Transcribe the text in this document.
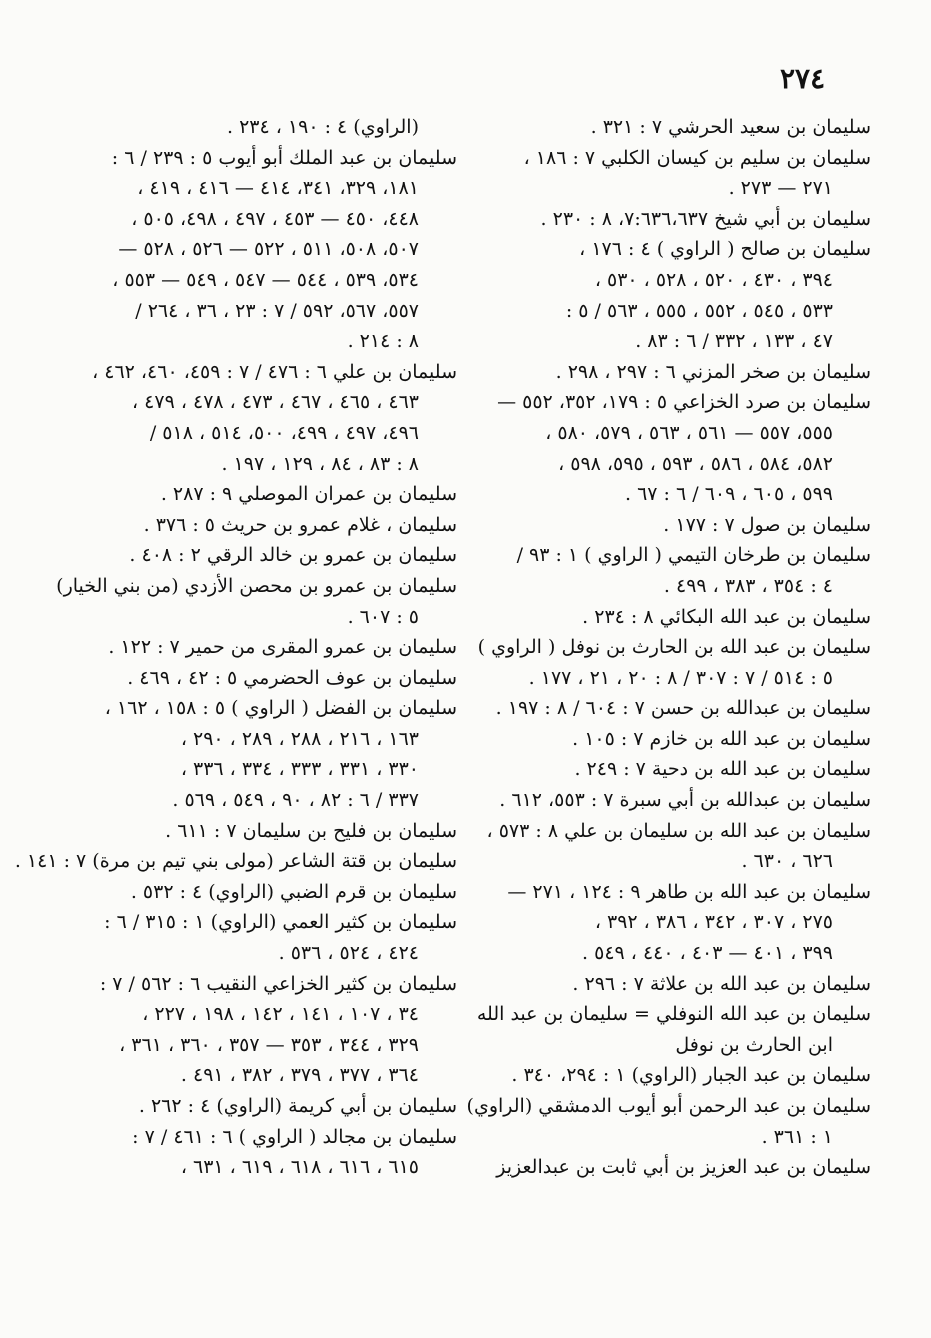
٢٧٤
سليمان بن سعيد الحرشي ٧ : ٣٢١ .
سليمان بن سليم بن كيسان الكلبي ٧ : ١٨٦ ،
٢٧١ — ٢٧٣ .
سليمان بن أبي شيخ ٧:٦٣٦،٦٣٧، ٨ : ٢٣٠ .
سليمان بن صالح ( الراوي ) ٤ : ١٧٦ ،
٣٩٤ ، ٤٣٠ ، ٥٢٠ ، ٥٢٨ ، ٥٣٠ ،
٥٣٣ ، ٥٤٥ ، ٥٥٢ ، ٥٥٥ ، ٥٦٣ / ٥ :
٤٧ ، ١٣٣ ، ٣٣٢ / ٦ : ٨٣ .
سليمان بن صخر المزني ٦ : ٢٩٧ ، ٢٩٨ .
سليمان بن صرد الخزاعي ٥ : ١٧٩، ٣٥٢، ٥٥٢ —
٥٥٥، ٥٥٧ — ٥٦١ ، ٥٦٣ ، ٥٧٩، ٥٨٠ ،
٥٨٢، ٥٨٤ ، ٥٨٦ ، ٥٩٣ ، ٥٩٥، ٥٩٨ ،
٥٩٩ ، ٦٠٥ ، ٦٠٩ / ٦ : ٦٧ .
سليمان بن صول ٧ : ١٧٧ .
سليمان بن طرخان التيمي ( الراوي ) ١ : ٩٣ /
٤ : ٣٥٤ ، ٣٨٣ ، ٤٩٩ .
سليمان بن عبد الله البكائي ٨ : ٢٣٤ .
سليمان بن عبد الله بن الحارث بن نوفل ( الراوي )
٥ : ٥١٤ / ٧ : ٣٠٧ / ٨ : ٢٠ ، ٢١ ، ١٧٧ .
سليمان بن عبدالله بن حسن ٧ : ٦٠٤ / ٨ : ١٩٧ .
سليمان بن عبد الله بن خازم ٧ : ١٠٥ .
سليمان بن عبد الله بن دحية ٧ : ٢٤٩ .
سليمان بن عبدالله بن أبي سبرة ٧ : ٥٥٣، ٦١٢ .
سليمان بن عبد الله بن سليمان بن علي ٨ : ٥٧٣ ،
٦٢٦ ، ٦٣٠ .
سليمان بن عبد الله بن طاهر ٩ : ١٢٤ ، ٢٧١ —
٢٧٥ ، ٣٠٧ ، ٣٤٢ ، ٣٨٦ ، ٣٩٢ ،
٣٩٩ ، ٤٠١ — ٤٠٣ ، ٤٤٠ ، ٥٤٩ .
سليمان بن عبد الله بن علاثة ٧ : ٢٩٦ .
سليمان بن عبد الله النوفلي = سليمان بن عبد الله
ابن الحارث بن نوفل
سليمان بن عبد الجبار (الراوي) ١ : ٢٩٤، ٣٤٠ .
سليمان بن عبد الرحمن أبو أيوب الدمشقي (الراوي)
١ : ٣٦١ .
سليمان بن عبد العزيز بن أبي ثابت بن عبدالعزيز
(الراوي) ٤ : ١٩٠ ، ٢٣٤ .
سليمان بن عبد الملك أبو أيوب ٥ : ٢٣٩ / ٦ :
١٨١، ٣٢٩، ٣٤١، ٤١٤ — ٤١٦ ، ٤١٩ ،
٤٤٨، ٤٥٠ — ٤٥٣ ، ٤٩٧ ، ٤٩٨، ٥٠٥ ،
٥٠٧، ٥٠٨، ٥١١ ، ٥٢٢ — ٥٢٦ ، ٥٢٨ —
٥٣٤، ٥٣٩ ، ٥٤٤ — ٥٤٧ ، ٥٤٩ — ٥٥٣ ،
٥٥٧، ٥٦٧، ٥٩٢ / ٧ : ٢٣ ، ٣٦ ، ٢٦٤ /
٨ : ٢١٤ .
سليمان بن علي ٦ : ٤٧٦ / ٧ : ٤٥٩، ٤٦٠، ٤٦٢ ،
٤٦٣ ، ٤٦٥ ، ٤٦٧ ، ٤٧٣ ، ٤٧٨ ، ٤٧٩ ،
٤٩٦، ٤٩٧ ، ٤٩٩، ٥٠٠، ٥١٤ ، ٥١٨ /
٨ : ٨٣ ، ٨٤ ، ١٢٩ ، ١٩٧ .
سليمان بن عمران الموصلي ٩ : ٢٨٧ .
سليمان ، غلام عمرو بن حريث ٥ : ٣٧٦ .
سليمان بن عمرو بن خالد الرقي ٢ : ٤٠٨ .
سليمان بن عمرو بن محصن الأزدي (من بني الخيار)
٥ : ٦٠٧ .
سليمان بن عمرو المقرى من حمير ٧ : ١٢٢ .
سليمان بن عوف الحضرمي ٥ : ٤٢ ، ٤٦٩ .
سليمان بن الفضل ( الراوي ) ٥ : ١٥٨ ، ١٦٢ ،
١٦٣ ، ٢١٦ ، ٢٨٨ ، ٢٨٩ ، ٢٩٠ ،
٣٣٠ ، ٣٣١ ، ٣٣٣ ، ٣٣٤ ، ٣٣٦ ،
٣٣٧ / ٦ : ٨٢ ، ٩٠ ، ٥٤٩ ، ٥٦٩ .
سليمان بن فليح بن سليمان ٧ : ٦١١ .
سليمان بن قتة الشاعر (مولى بني تيم بن مرة) ٧ : ١٤١ .
سليمان بن قرم الضبي (الراوي) ٤ : ٥٣٢ .
سليمان بن كثير العمي (الراوي) ١ : ٣١٥ / ٦ :
٤٢٤ ، ٥٢٤ ، ٥٣٦ .
سليمان بن كثير الخزاعي النقيب ٦ : ٥٦٢ / ٧ :
٣٤ ، ١٠٧ ، ١٤١ ، ١٤٢ ، ١٩٨ ، ٢٢٧ ،
٣٢٩ ، ٣٤٤ ، ٣٥٣ — ٣٥٧ ، ٣٦٠ ، ٣٦١ ،
٣٦٤ ، ٣٧٧ ، ٣٧٩ ، ٣٨٢ ، ٤٩١ .
سليمان بن أبي كريمة (الراوي) ٤ : ٢٦٢ .
سليمان بن مجالد ( الراوي ) ٦ : ٤٦١ / ٧ :
٦١٥ ، ٦١٦ ، ٦١٨ ، ٦١٩ ، ٦٣١ ،
